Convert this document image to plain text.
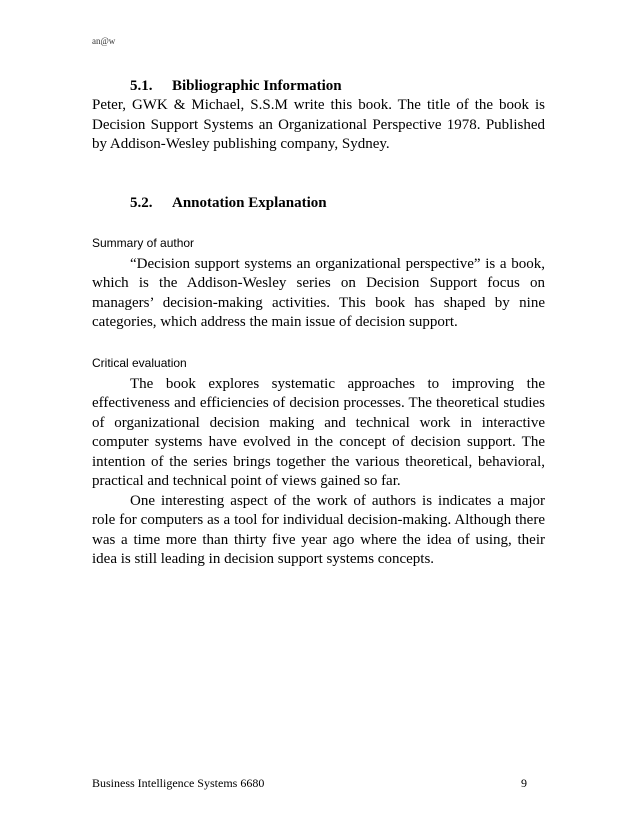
an@w
5.1. Bibliographic Information

Peter, GWK & Michael, S.S.M write this book. The title of the book is Decision Support Systems an Organizational Perspective 1978. Published by Addison-Wesley publishing company, Sydney.

5.2. Annotation Explanation
Summary of author

“Decision support systems an organizational perspective” is a book, which is the Addison-Wesley series on Decision Support focus on managers’ decision-making activities. This book has shaped by nine categories, which address the main issue of decision support.

Critical evaluation

The book explores systematic approaches to improving the effectiveness and efficiencies of decision processes. The theoretical studies of organizational decision making and technical work in interactive computer systems have evolved in the concept of decision support. The intention of the series brings together the various theoretical, behavioral, practical and technical point of views gained so far.

One interesting aspect of the work of authors is indicates a major role for computers as a tool for individual decision-making. Although there was a time more than thirty five year ago where the idea of using, their idea is still leading in decision support systems concepts.

Business Intelligence Systems 6680	9
